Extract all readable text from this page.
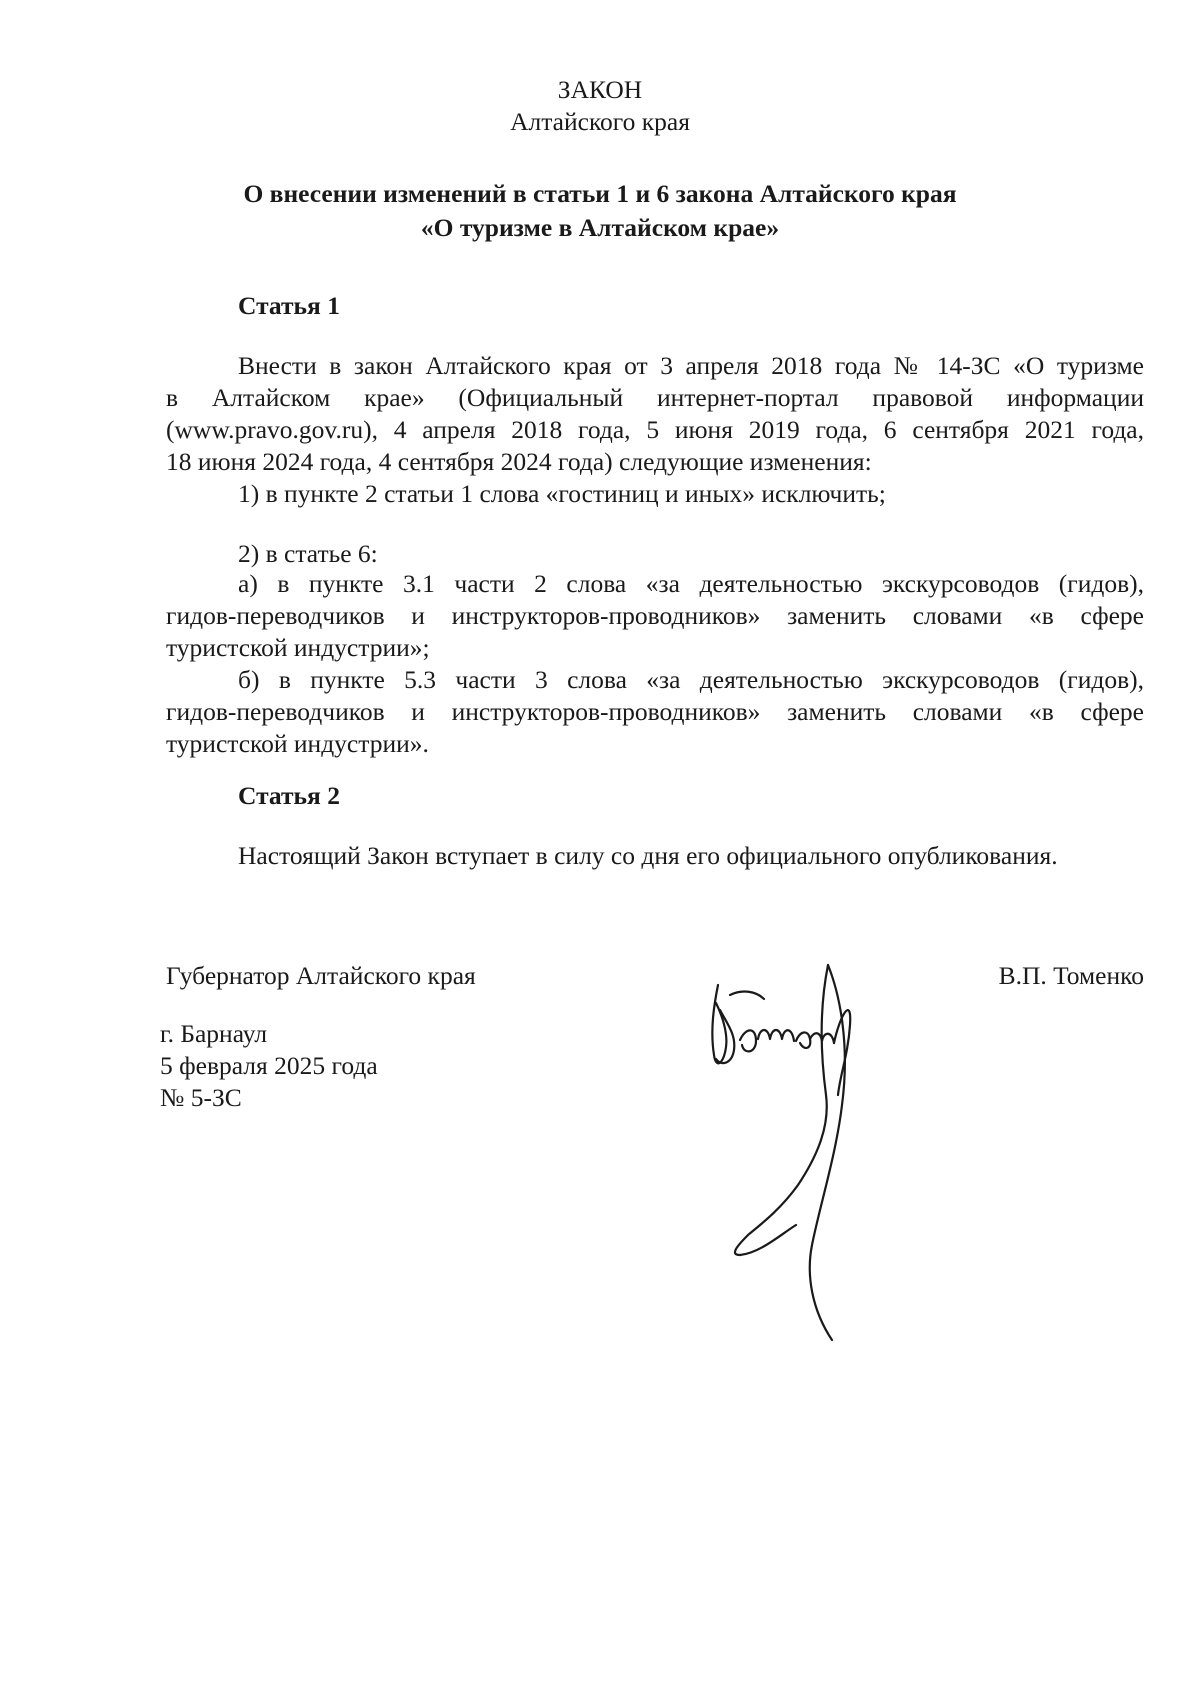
ЗАКОН
Алтайского края
О внесении изменений в статьи 1 и 6 закона Алтайского края
«О туризме в Алтайском крае»
Статья 1
Внести в закон Алтайского края от 3 апреля 2018 года № 14-ЗС «О туризме
в Алтайском крае» (Официальный интернет-портал правовой информации
(www.pravo.gov.ru), 4 апреля 2018 года, 5 июня 2019 года, 6 сентября 2021 года,
18 июня 2024 года, 4 сентября 2024 года) следующие изменения:
1) в пункте 2 статьи 1 слова «гостиниц и иных» исключить;
2) в статье 6:
а) в пункте 3.1 части 2 слова «за деятельностью экскурсоводов (гидов),
гидов-переводчиков и инструкторов-проводников» заменить словами «в сфере
туристской индустрии»;
б) в пункте 5.3 части 3 слова «за деятельностью экскурсоводов (гидов),
гидов-переводчиков и инструкторов-проводников» заменить словами «в сфере
туристской индустрии».
Статья 2
Настоящий Закон вступает в силу со дня его официального опубликования.
Губернатор Алтайского края	В.П. Томенко
г. Барнаул
5 февраля 2025 года
№ 5-ЗС
